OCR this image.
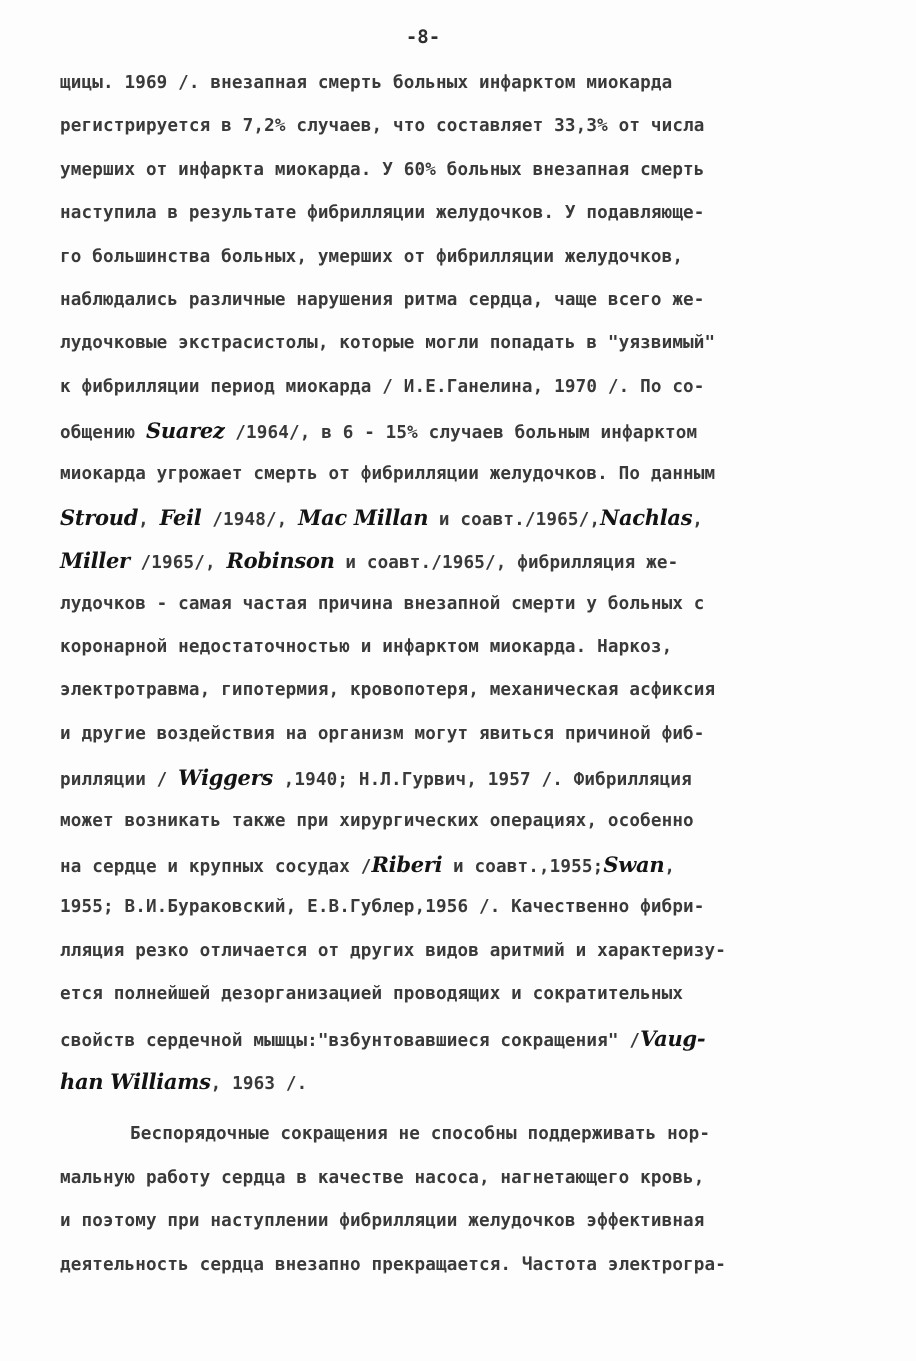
-8-
щицы. 1969 /. внезапная смерть больных инфарктом миокарда
регистрируется в 7,2% случаев, что составляет 33,3% от числа
умерших от инфаркта миокарда. У 60% больных внезапная смерть
наступила в результате фибрилляции желудочков. У подавляюще-
го большинства больных, умерших от фибрилляции желудочков,
наблюдались различные нарушения ритма сердца, чаще всего же-
лудочковые экстрасистолы, которые могли попадать в "уязвимый"
к фибрилляции период миокарда / И.Е.Ганелина, 1970 /. По со-
общению Suarez /1964/, в 6 - 15% случаев больным инфарктом
миокарда угрожает смерть от фибрилляции желудочков. По данным
Stroud, Feil /1948/, Mac Millan и соавт./1965/,Nachlas,
Miller /1965/, Robinson и соавт./1965/, фибрилляция же-
лудочков - самая частая причина внезапной смерти у больных с
коронарной недостаточностью и инфарктом миокарда. Наркоз,
электротравма, гипотермия, кровопотеря, механическая асфиксия
и другие воздействия на организм могут явиться причиной фиб-
рилляции / Wiggers ,1940; Н.Л.Гурвич, 1957 /. Фибрилляция
может возникать также при хирургических операциях, особенно
на сердце и крупных сосудах /Riberi и соавт.,1955;Swan,
1955; В.И.Бураковский, Е.В.Гублер,1956 /. Качественно фибри-
лляция резко отличается от других видов аритмий и характеризу-
ется полнейшей дезорганизацией проводящих и сократительных
свойств сердечной мышцы:"взбунтовавшиеся сокращения" /Vaug-
han Williams, 1963 /.
Беспорядочные сокращения не способны поддерживать нор-
мальную работу сердца в качестве насоса, нагнетающего кровь,
и поэтому при наступлении фибрилляции желудочков эффективная
деятельность сердца внезапно прекращается. Частота электрогра-
